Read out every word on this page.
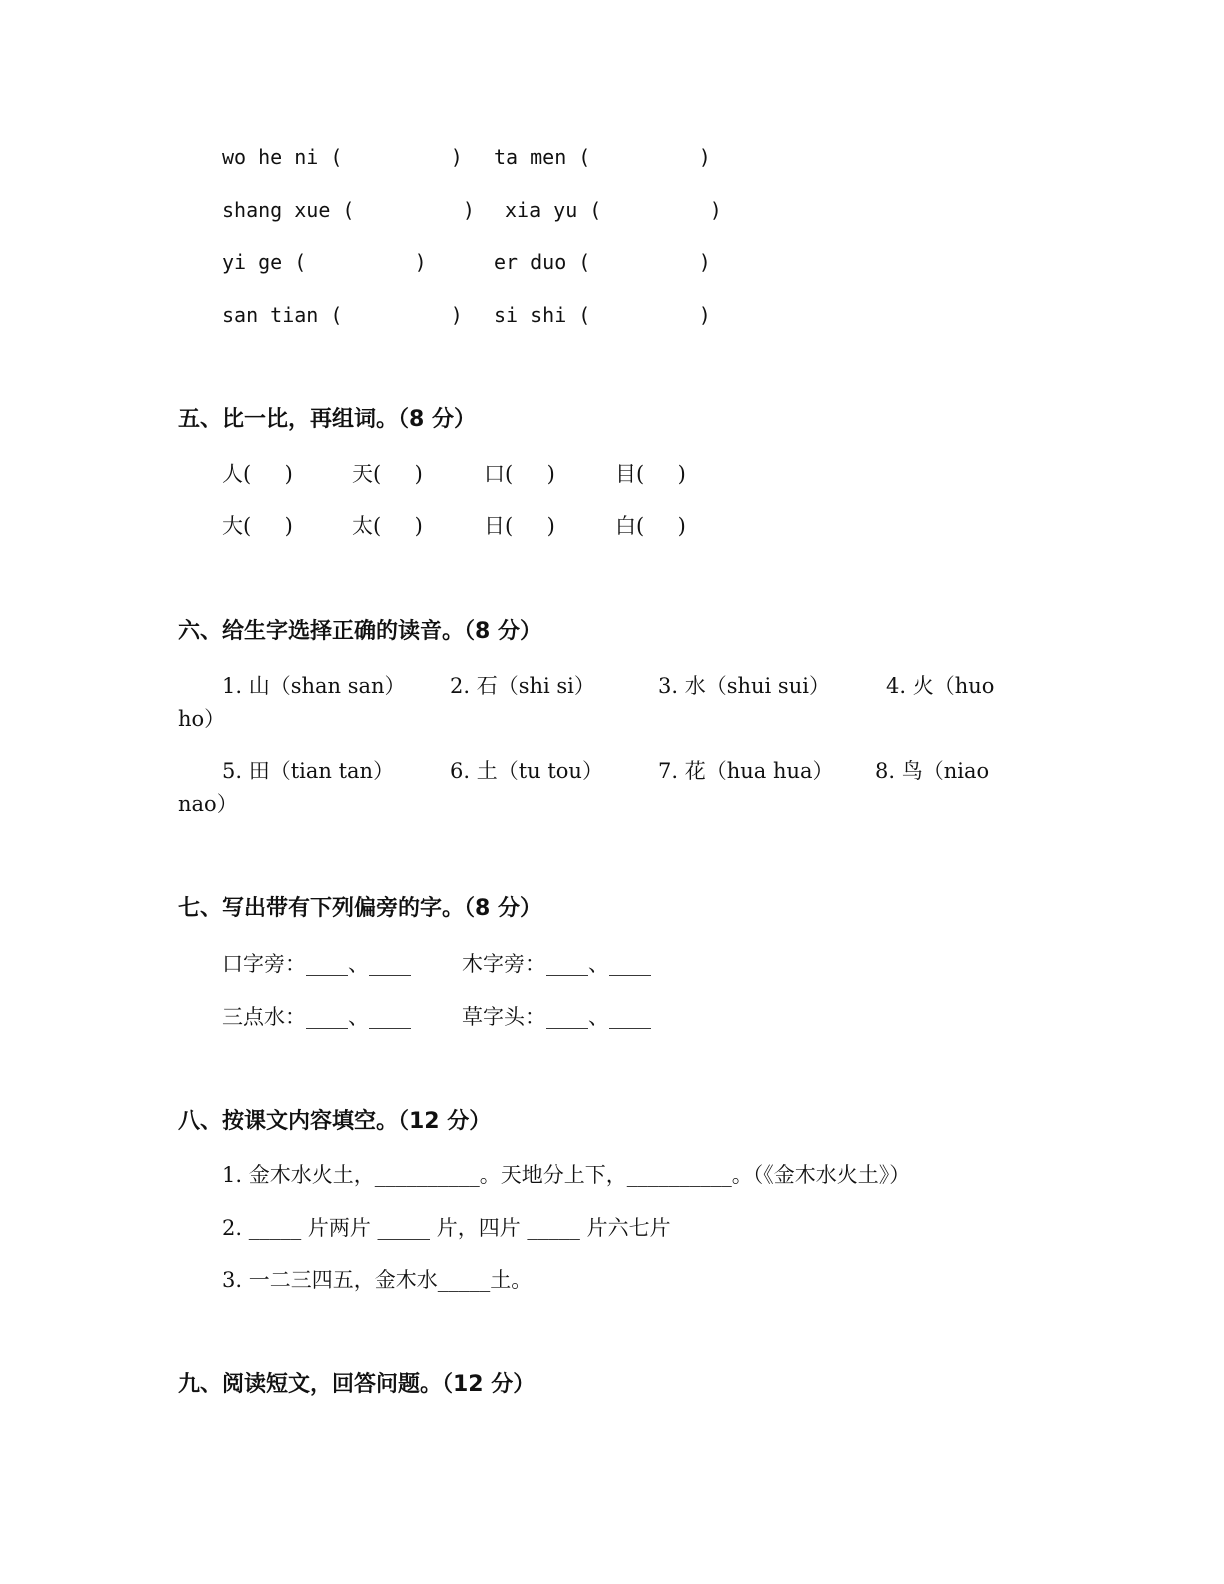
wo he ni (         ) ta men (         )
shang xue (         ) xia yu (         )
yi ge (         )	er duo (         )
san tian (         ) si shi (         )
五、比一比，再组词。（8 分）
人(     )	天(     )	口(     )	目(     )
大(     )	太(     )	日(     )	白(     )
六、给生字选择正确的读音。（8 分）
1. 山（shan san） 2. 石（shi si）	3. 水（shui sui）	4. 火（huo
ho）
5. 田（tian tan）	6. 土（tu tou）	7. 花（hua hua） 8. 鸟（niao
nao）
七、写出带有下列偏旁的字。（8 分）
口字旁：____、____ 木字旁：____、____
三点水：____、____ 草字头：____、____
八、按课文内容填空。（12 分）
1. 金木水火土，__________。天地分上下，__________。（《金木水火土》）
2. _____ 片两片 _____ 片，四片 _____ 片六七片
3. 一二三四五，金木水_____土。
九、阅读短文，回答问题。（12 分）
